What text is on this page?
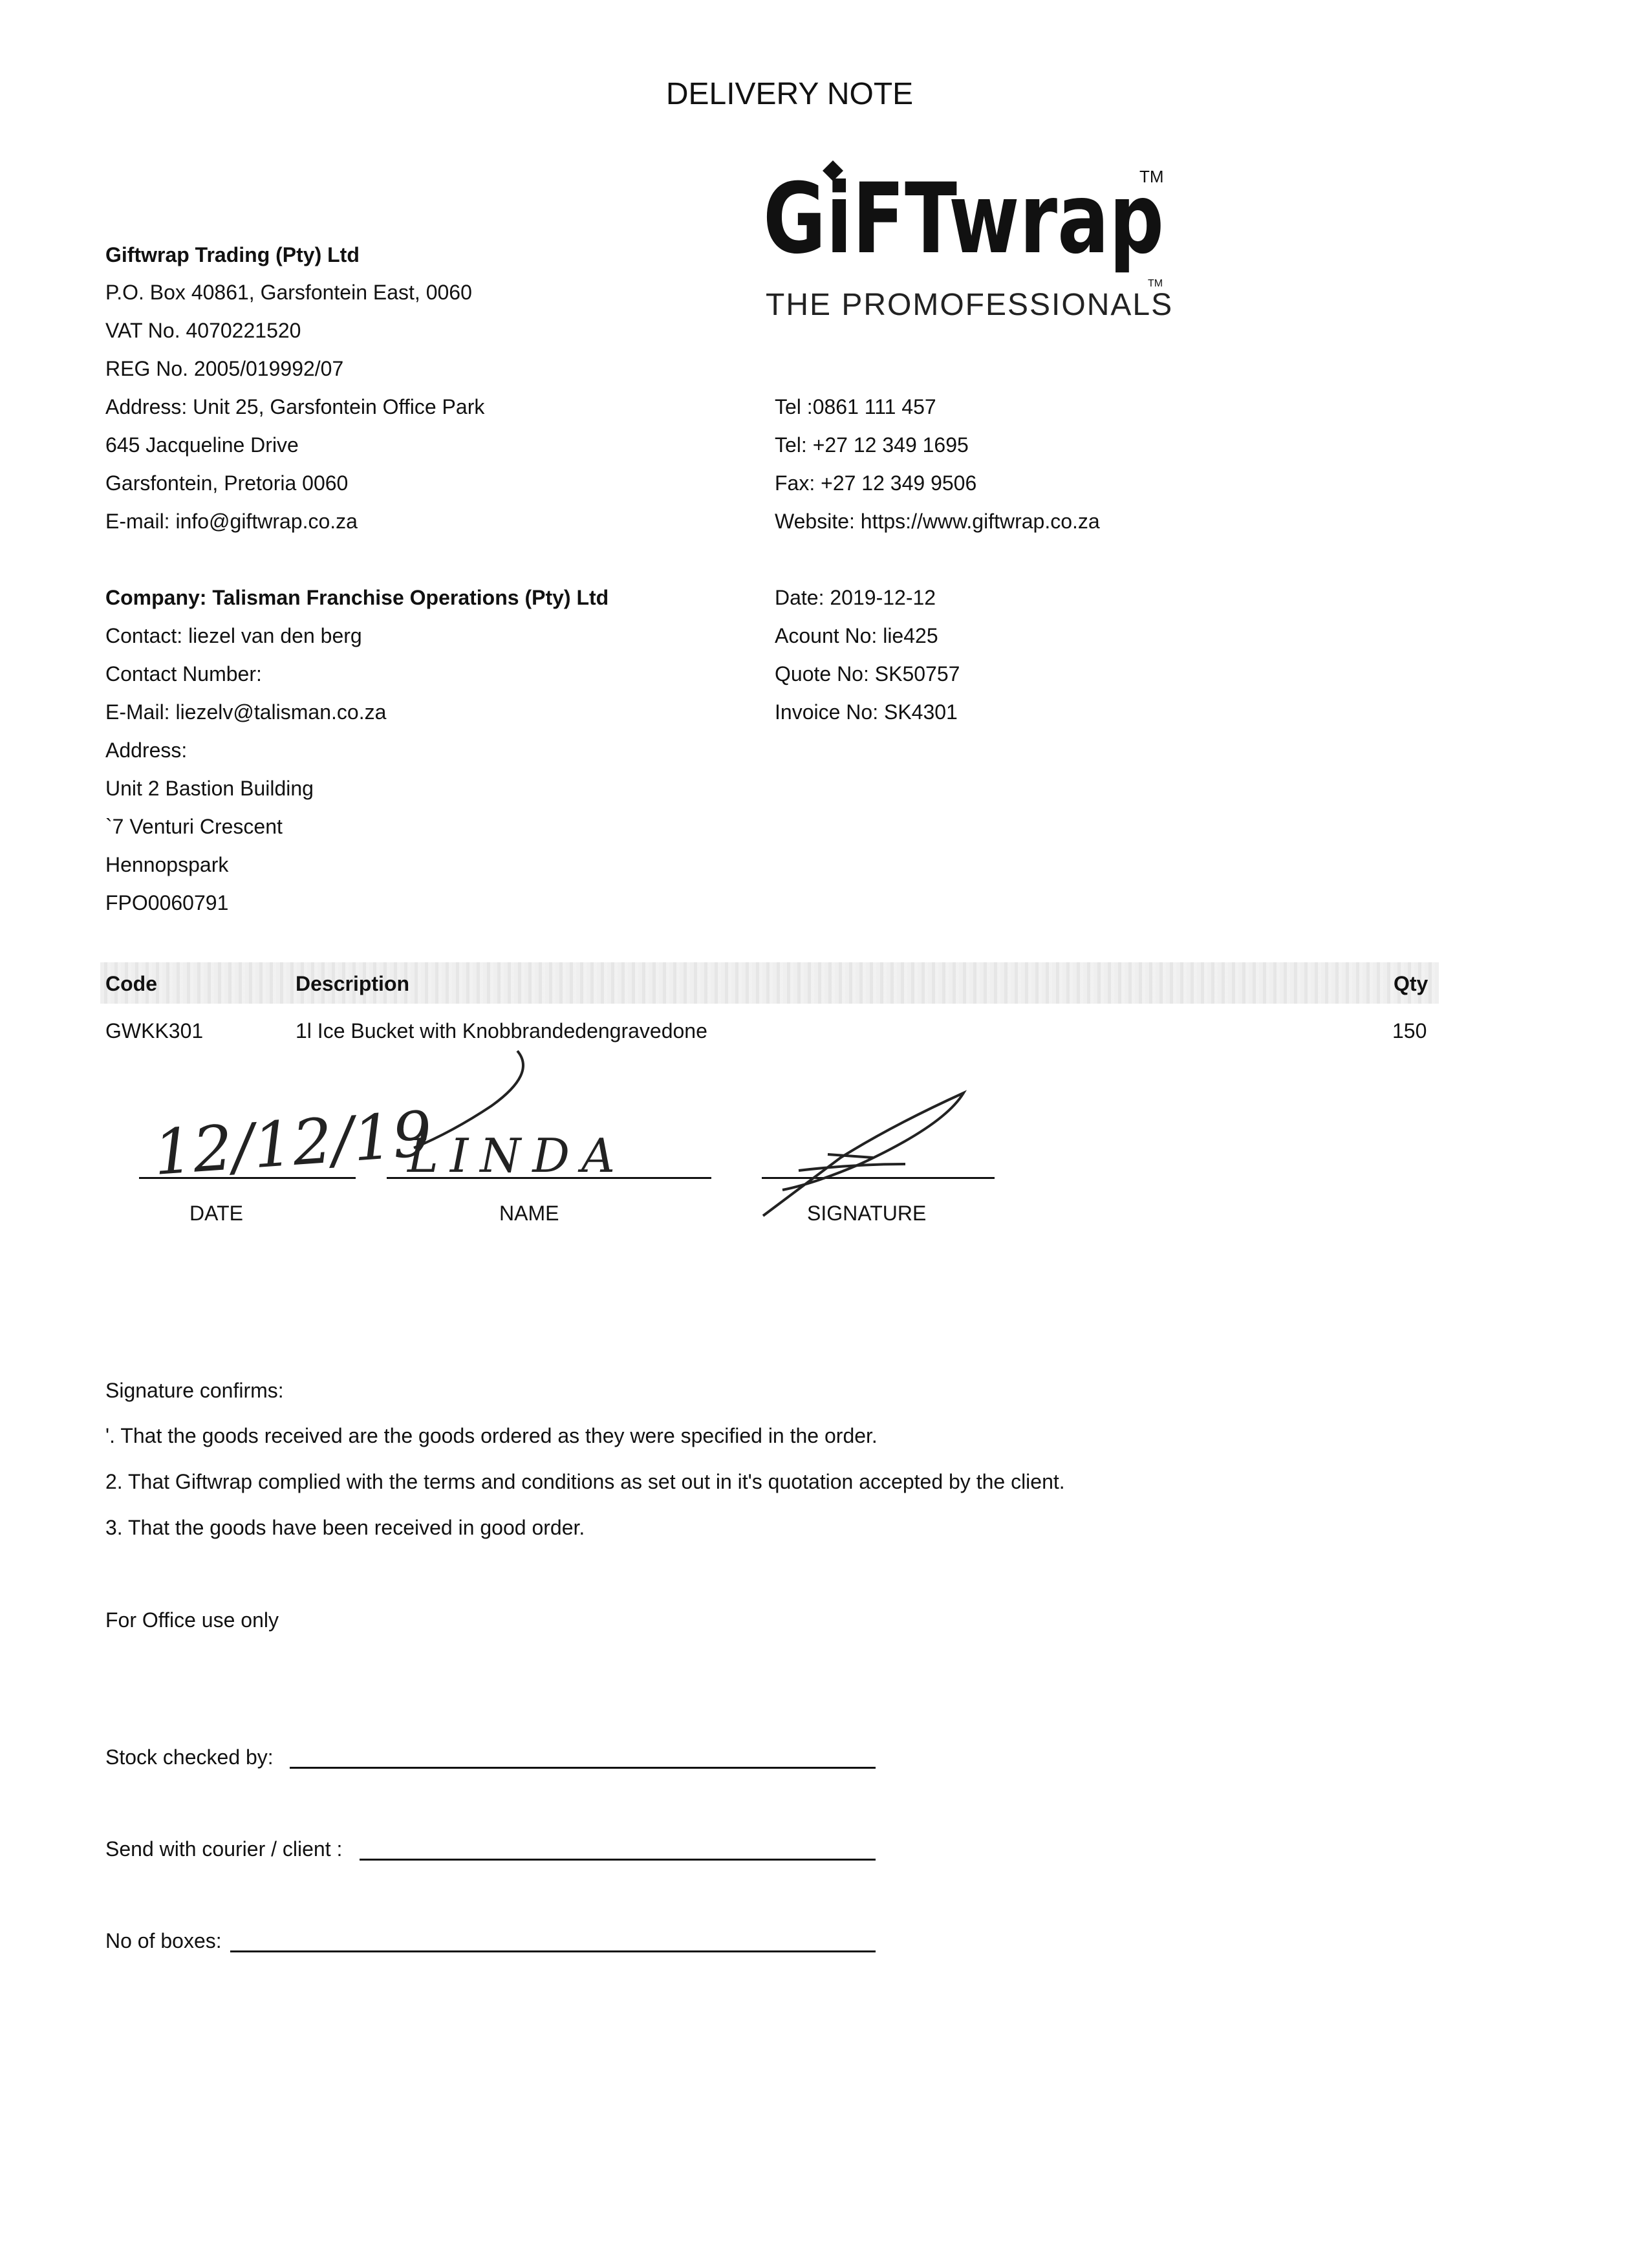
DELIVERY NOTE
GiFTwrap
TM
THE PROMOFESSIONALS
TM
Giftwrap Trading (Pty) Ltd
P.O. Box 40861, Garsfontein East, 0060
VAT No. 4070221520
REG No. 2005/019992/07
Address: Unit 25, Garsfontein Office Park
645 Jacqueline Drive
Garsfontein, Pretoria 0060
E-mail: info@giftwrap.co.za
Tel :0861 111 457
Tel: +27 12 349 1695
Fax: +27 12 349 9506
Website: https://www.giftwrap.co.za
Company: Talisman Franchise Operations (Pty) Ltd
Contact: liezel van den berg
Contact Number:
E-Mail: liezelv@talisman.co.za
Address:
Unit 2 Bastion Building
`7 Venturi Crescent
Hennopspark
FPO0060791
Date: 2019-12-12
Acount No: lie425
Quote No: SK50757
Invoice No: SK4301
Code	Description	Qty
GWKK301	1l Ice Bucket with Knobbrandedengravedone	150
DATE	NAME	SIGNATURE
12/12/19
LINDA
Signature confirms:
'. That the goods received are the goods ordered as they were specified in the order.
2. That Giftwrap complied with the terms and conditions as set out in it's quotation accepted by the client.
3. That the goods have been received in good order.
For Office use only
Stock checked by:
Send with courier / client :
No of boxes:
